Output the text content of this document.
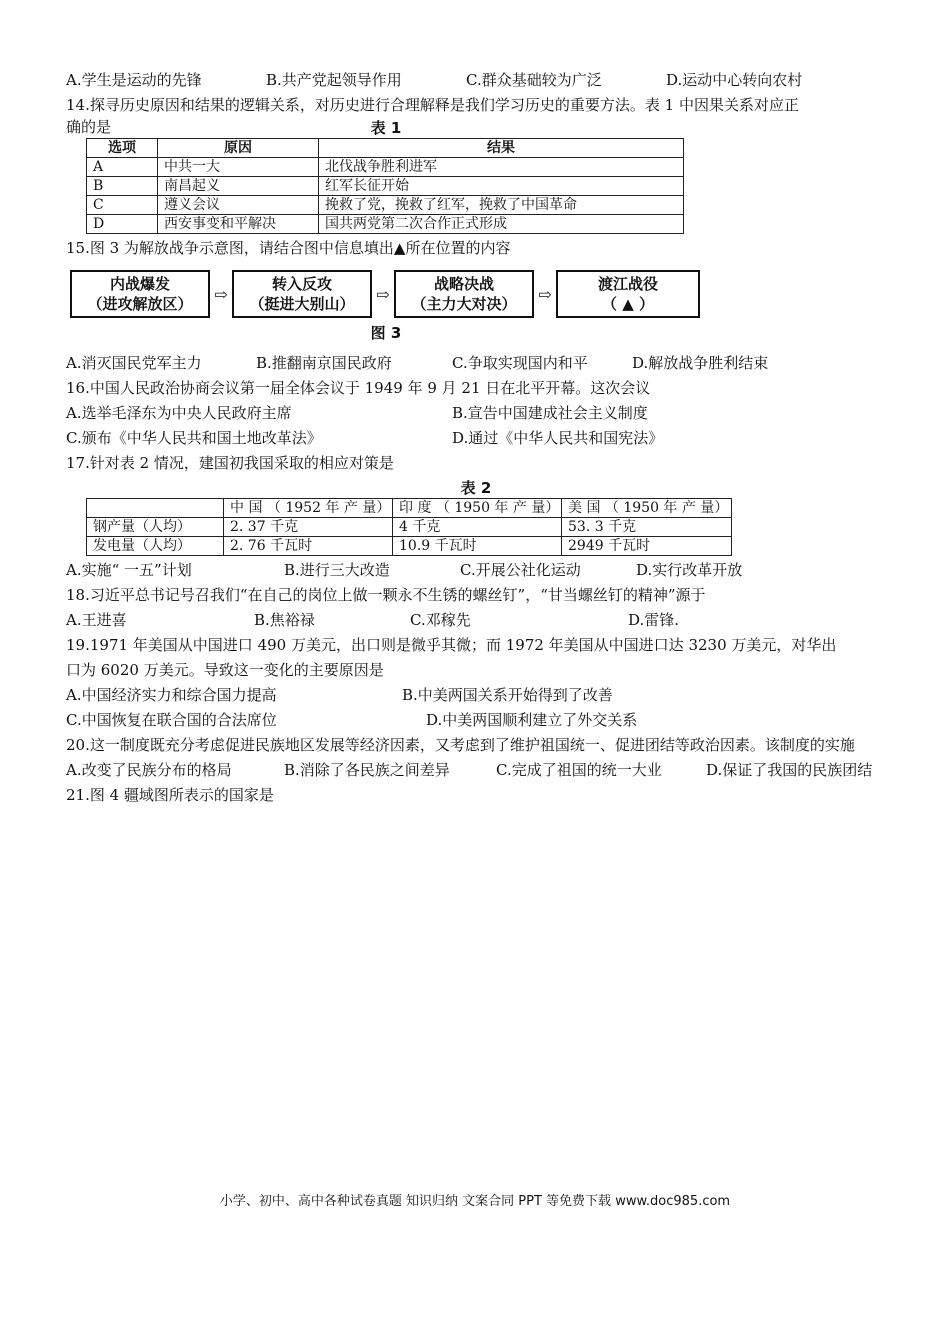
A.学生是运动的先锋	B.共产党起领导作用	C.群众基础较为广泛	D.运动中心转向农村
14.探寻历史原因和结果的逻辑关系，对历史进行合理解释是我们学习历史的重要方法。表 1 中因果关系对应正
确的是	表 1
选项	原因	结果
A	中共一大	北伐战争胜利进军
B	南昌起义	红军长征开始
C	遵义会议	挽救了党，挽救了红军，挽救了中国革命
D	西安事变和平解决	国共两党第二次合作正式形成
15.图 3 为解放战争示意图，请结合图中信息填出▲所在位置的内容
内战爆发
（进攻解放区）
⇨
转入反攻
（挺进大别山）
⇨
战略决战
（主力大对决）
⇨
渡江战役
（ ▲ ）
图 3
A.消灭国民党军主力	B.推翻南京国民政府	C.争取实现国内和平	D.解放战争胜利结束
16.中国人民政治协商会议第一届全体会议于 1949 年 9 月 21 日在北平开幕。这次会议
A.选举毛泽东为中央人民政府主席	B.宣告中国建成社会主义制度
C.颁布《中华人民共和国土地改革法》	D.通过《中华人民共和国宪法》
17.针对表 2 情况，建国初我国采取的相应对策是
表 2
	中 国 （ 1952 年 产 量）	印 度 （ 1950 年 产 量）	美 国 （ 1950 年 产 量）
钢产量（人均）	2. 37 千克	4 千克	53. 3 千克
发电量（人均）	2. 76 千瓦时	10.9 千瓦时	2949 千瓦时
A.实施“ 一五”计划	B.进行三大改造	C.开展公社化运动	D.实行改革开放
18.习近平总书记号召我们“在自己的岗位上做一颗永不生锈的螺丝钉”，“甘当螺丝钉的精神”源于
A.王进喜	B.焦裕禄	C.邓稼先	D.雷锋.
19.1971 年美国从中国进口 490 万美元，出口则是微乎其微；而 1972 年美国从中国进口达 3230 万美元，对华出
口为 6020 万美元。导致这一变化的主要原因是
A.中国经济实力和综合国力提高	B.中美两国关系开始得到了改善
C.中国恢复在联合国的合法席位	D.中美两国顺利建立了外交关系
20.这一制度既充分考虑促进民族地区发展等经济因素，又考虑到了维护祖国统一、促进团结等政治因素。该制度的实施
A.改变了民族分布的格局	B.消除了各民族之间差异	C.完成了祖国的统一大业	D.保证了我国的民族团结
21.图 4 疆域图所表示的国家是
小学、初中、高中各种试卷真题 知识归纳 文案合同 PPT 等免费下载 www.doc985.com
